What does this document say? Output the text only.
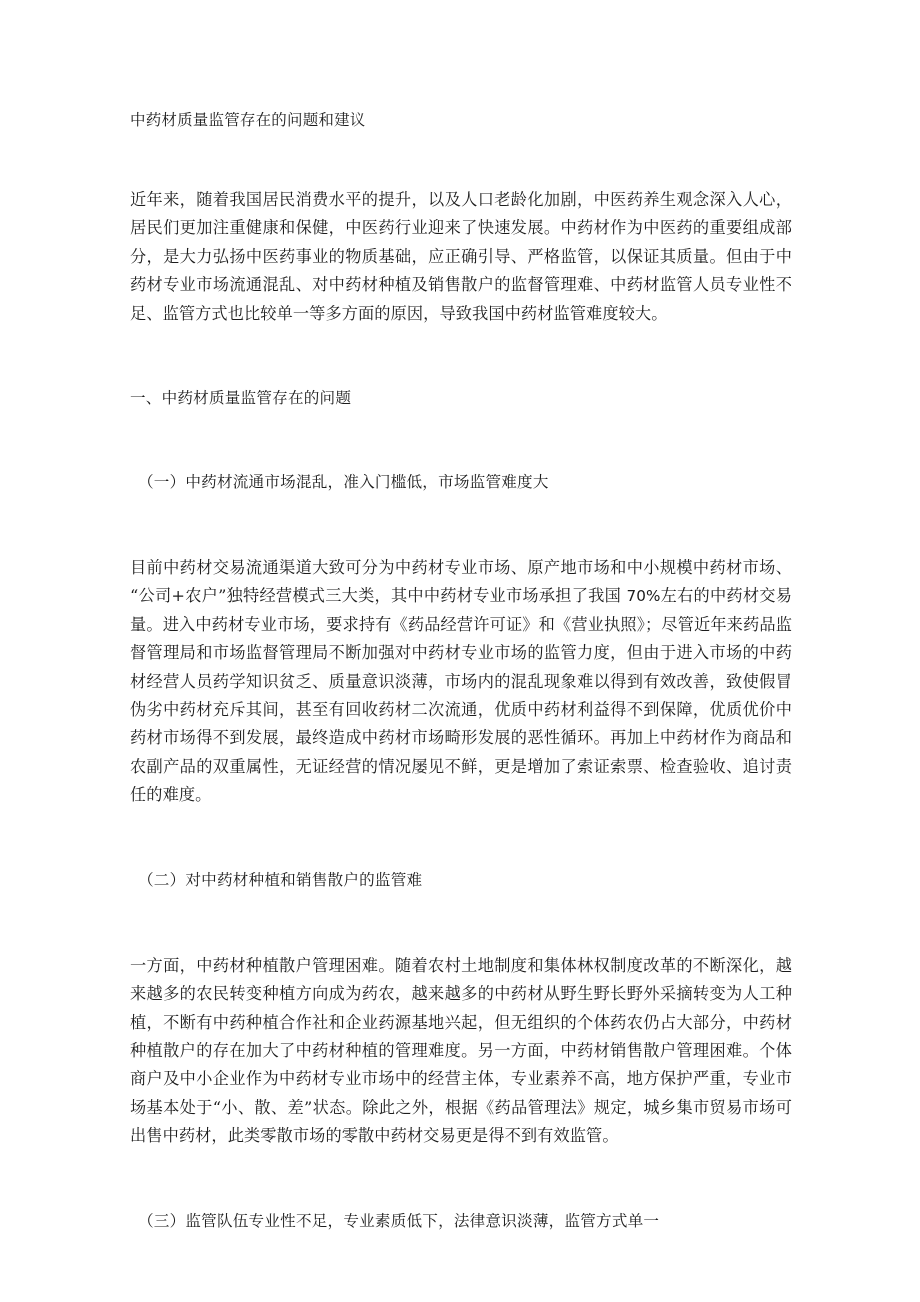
中药材质量监管存在的问题和建议

近年来，随着我国居民消费水平的提升，以及人口老龄化加剧，中医药养生观念深入人心，居民们更加注重健康和保健，中医药行业迎来了快速发展。中药材作为中医药的重要组成部分，是大力弘扬中医药事业的物质基础，应正确引导、严格监管，以保证其质量。但由于中药材专业市场流通混乱、对中药材种植及销售散户的监督管理难、中药材监管人员专业性不足、监管方式也比较单一等多方面的原因，导致我国中药材监管难度较大。

一、中药材质量监管存在的问题
（一）中药材流通市场混乱，准入门槛低，市场监管难度大

目前中药材交易流通渠道大致可分为中药材专业市场、原产地市场和中小规模中药材市场、“公司+农户”独特经营模式三大类，其中中药材专业市场承担了我国 70%左右的中药材交易量。进入中药材专业市场，要求持有《药品经营许可证》和《营业执照》；尽管近年来药品监督管理局和市场监督管理局不断加强对中药材专业市场的监管力度，但由于进入市场的中药材经营人员药学知识贫乏、质量意识淡薄，市场内的混乱现象难以得到有效改善，致使假冒伪劣中药材充斥其间，甚至有回收药材二次流通，优质中药材利益得不到保障，优质优价中药材市场得不到发展，最终造成中药材市场畸形发展的恶性循环。再加上中药材作为商品和农副产品的双重属性，无证经营的情况屡见不鲜，更是增加了索证索票、检查验收、追讨责任的难度。

（二）对中药材种植和销售散户的监管难

一方面，中药材种植散户管理困难。随着农村土地制度和集体林权制度改革的不断深化，越来越多的农民转变种植方向成为药农，越来越多的中药材从野生野长野外采摘转变为人工种植，不断有中药种植合作社和企业药源基地兴起，但无组织的个体药农仍占大部分，中药材种植散户的存在加大了中药材种植的管理难度。另一方面，中药材销售散户管理困难。个体商户及中小企业作为中药材专业市场中的经营主体，专业素养不高，地方保护严重，专业市场基本处于“小、散、差”状态。除此之外，根据《药品管理法》规定，城乡集市贸易市场可出售中药材，此类零散市场的零散中药材交易更是得不到有效监管。

（三）监管队伍专业性不足，专业素质低下，法律意识淡薄，监管方式单一
